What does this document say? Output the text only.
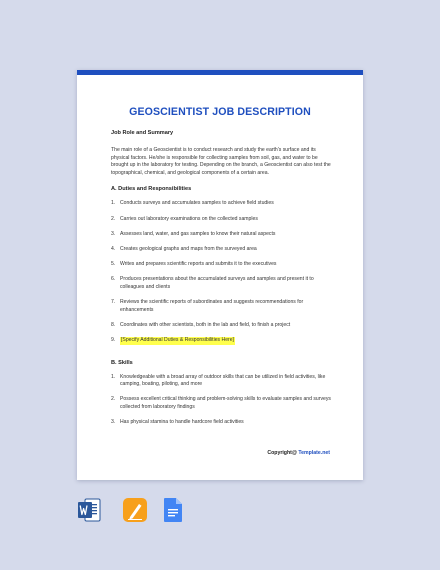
GEOSCIENTIST JOB DESCRIPTION

Job Role and Summary

The main role of a Geoscientist is to conduct research and study the earth's surface and its physical factors. He/she is responsible for collecting samples from soil, gas, and water to be brought up in the laboratory for testing. Depending on the branch, a Geoscientist can also test the topographical, chemical, and geological components of a certain area.

A. Duties and Responsibilities
1. Conducts surveys and accumulates samples to achieve field studies
2. Carries out laboratory examinations on the collected samples
3. Assesses land, water, and gas samples to know their natural aspects
4. Creates geological graphs and maps from the surveyed area
5. Writes and prepares scientific reports and submits it to the executives
6. Produces presentations about the accumulated surveys and samples and present it to colleagues and clients
7. Reviews the scientific reports of subordinates and suggests recommendations for enhancements
8. Coordinates with other scientists, both in the lab and field, to finish a project
9.	[Specify Additional Duties & Responsibilities Here]
B. Skills
1. Knowledgeable with a broad array of outdoor skills that can be utilized in field activities, like camping, boating, piloting, and more
2. Possess excellent critical thinking and problem-solving skills to evaluate samples and surveys collected from laboratory findings
3. Has physical stamina to handle hardcore field activities
Copyright@ Template.net
